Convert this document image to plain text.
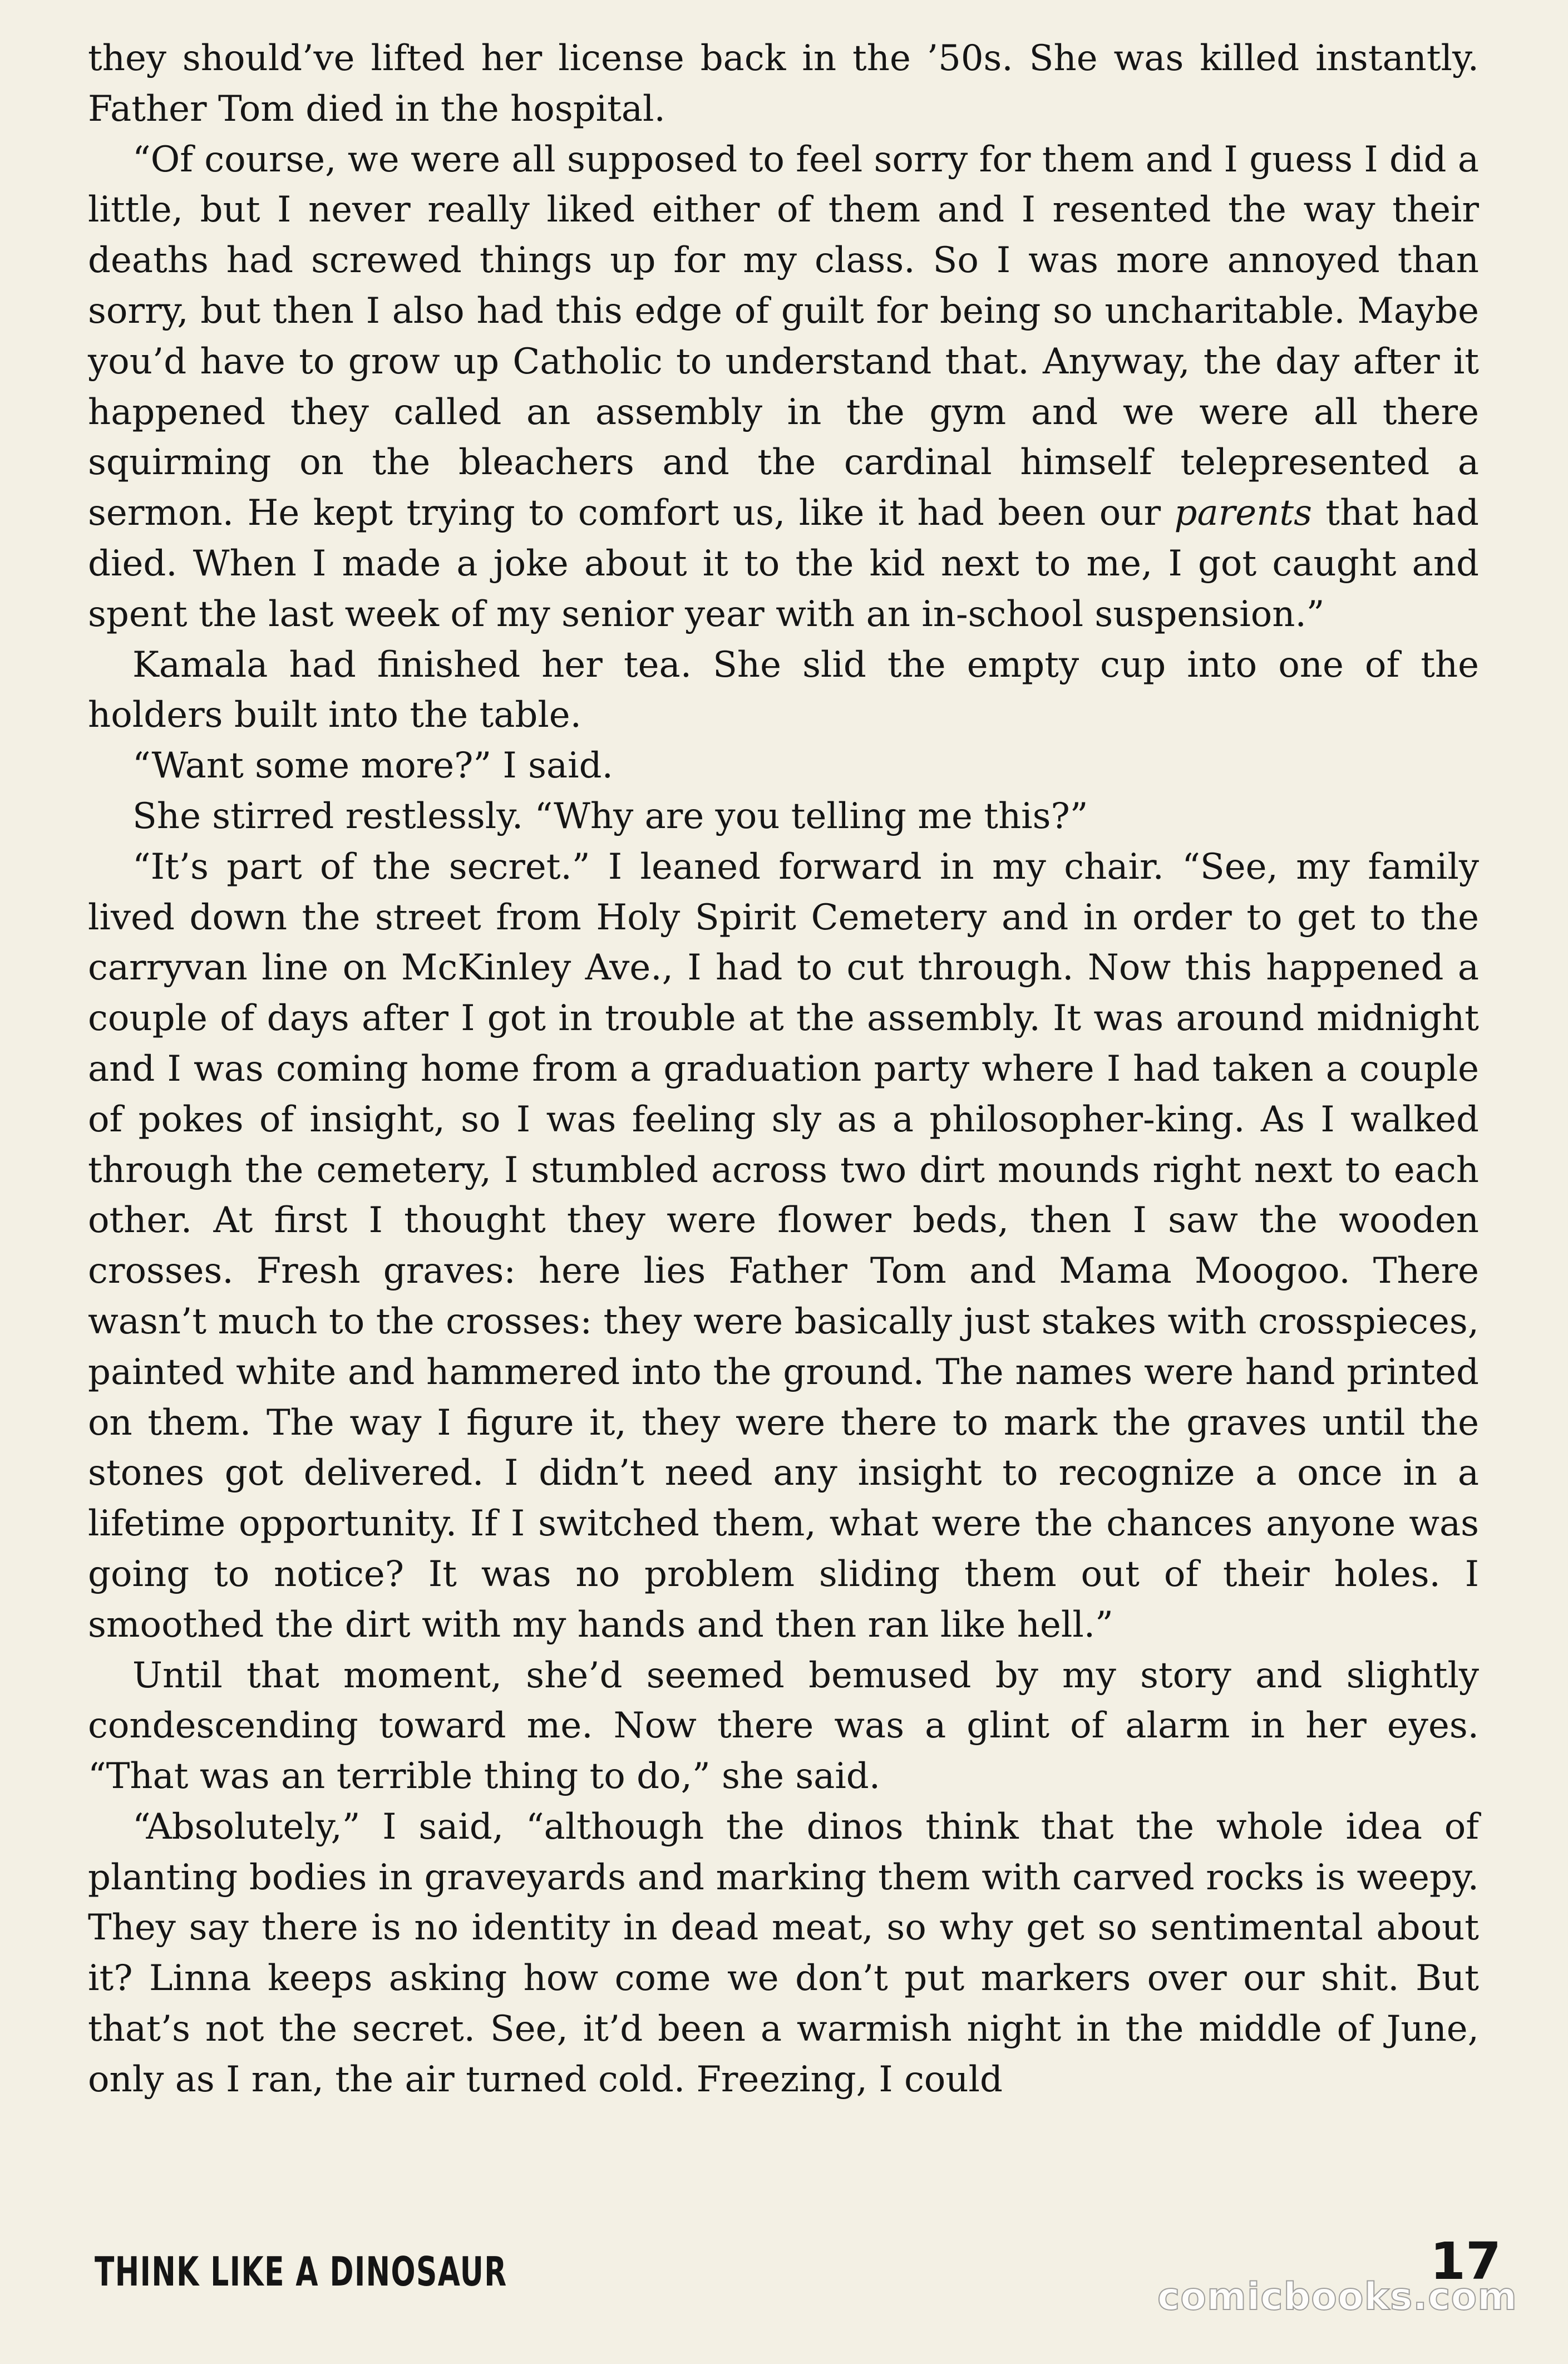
they should’ve lifted her license back in the ’50s. She was killed instantly. Father Tom died in the hospital.

“Of course, we were all supposed to feel sorry for them and I guess I did a little, but I never really liked either of them and I resented the way their deaths had screwed things up for my class. So I was more annoyed than sorry, but then I also had this edge of guilt for being so uncharitable. Maybe you’d have to grow up Catholic to understand that. Anyway, the day after it happened they called an assembly in the gym and we were all there squirming on the bleachers and the cardinal himself telepresented a sermon. He kept trying to comfort us, like it had been our parents that had died. When I made a joke about it to the kid next to me, I got caught and spent the last week of my senior year with an in-school suspension.”

Kamala had finished her tea. She slid the empty cup into one of the holders built into the table.

“Want some more?” I said.

She stirred restlessly. “Why are you telling me this?”

“It’s part of the secret.” I leaned forward in my chair. “See, my family lived down the street from Holy Spirit Cemetery and in order to get to the carryvan line on McKinley Ave., I had to cut through. Now this happened a couple of days after I got in trouble at the assembly. It was around midnight and I was coming home from a graduation party where I had taken a couple of pokes of insight, so I was feeling sly as a philosopher-king. As I walked through the cemetery, I stumbled across two dirt mounds right next to each other. At first I thought they were flower beds, then I saw the wooden crosses. Fresh graves: here lies Father Tom and Mama Moogoo. There wasn’t much to the crosses: they were basically just stakes with crosspieces, painted white and hammered into the ground. The names were hand printed on them. The way I figure it, they were there to mark the graves until the stones got delivered. I didn’t need any insight to recognize a once in a lifetime opportunity. If I switched them, what were the chances anyone was going to notice? It was no problem sliding them out of their holes. I smoothed the dirt with my hands and then ran like hell.”

Until that moment, she’d seemed bemused by my story and slightly condescending toward me. Now there was a glint of alarm in her eyes. “That was an terrible thing to do,” she said.

“Absolutely,” I said, “although the dinos think that the whole idea of planting bodies in graveyards and marking them with carved rocks is weepy. They say there is no identity in dead meat, so why get so sentimental about it? Linna keeps asking how come we don’t put markers over our shit. But that’s not the secret. See, it’d been a warmish night in the middle of June, only as I ran, the air turned cold. Freezing, I could

THINK LIKE A DINOSAUR	17
comicbooks.com
